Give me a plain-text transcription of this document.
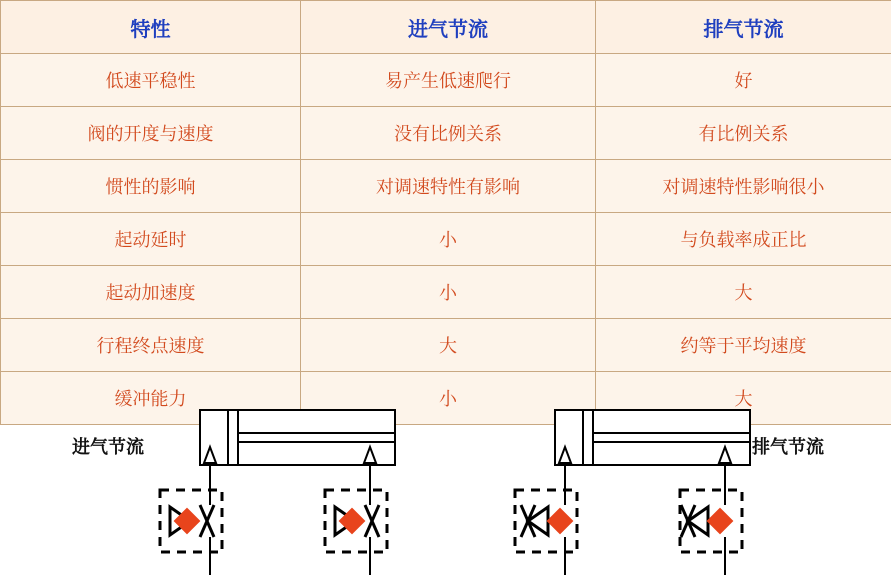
特性	进气节流	排气节流
低速平稳性	易产生低速爬行	好
阀的开度与速度	没有比例关系	有比例关系
惯性的影响	对调速特性有影响	对调速特性影响很小
起动延时	小	与负载率成正比
起动加速度	小	大
行程终点速度	大	约等于平均速度
缓冲能力	小	大
进气节流	排气节流
